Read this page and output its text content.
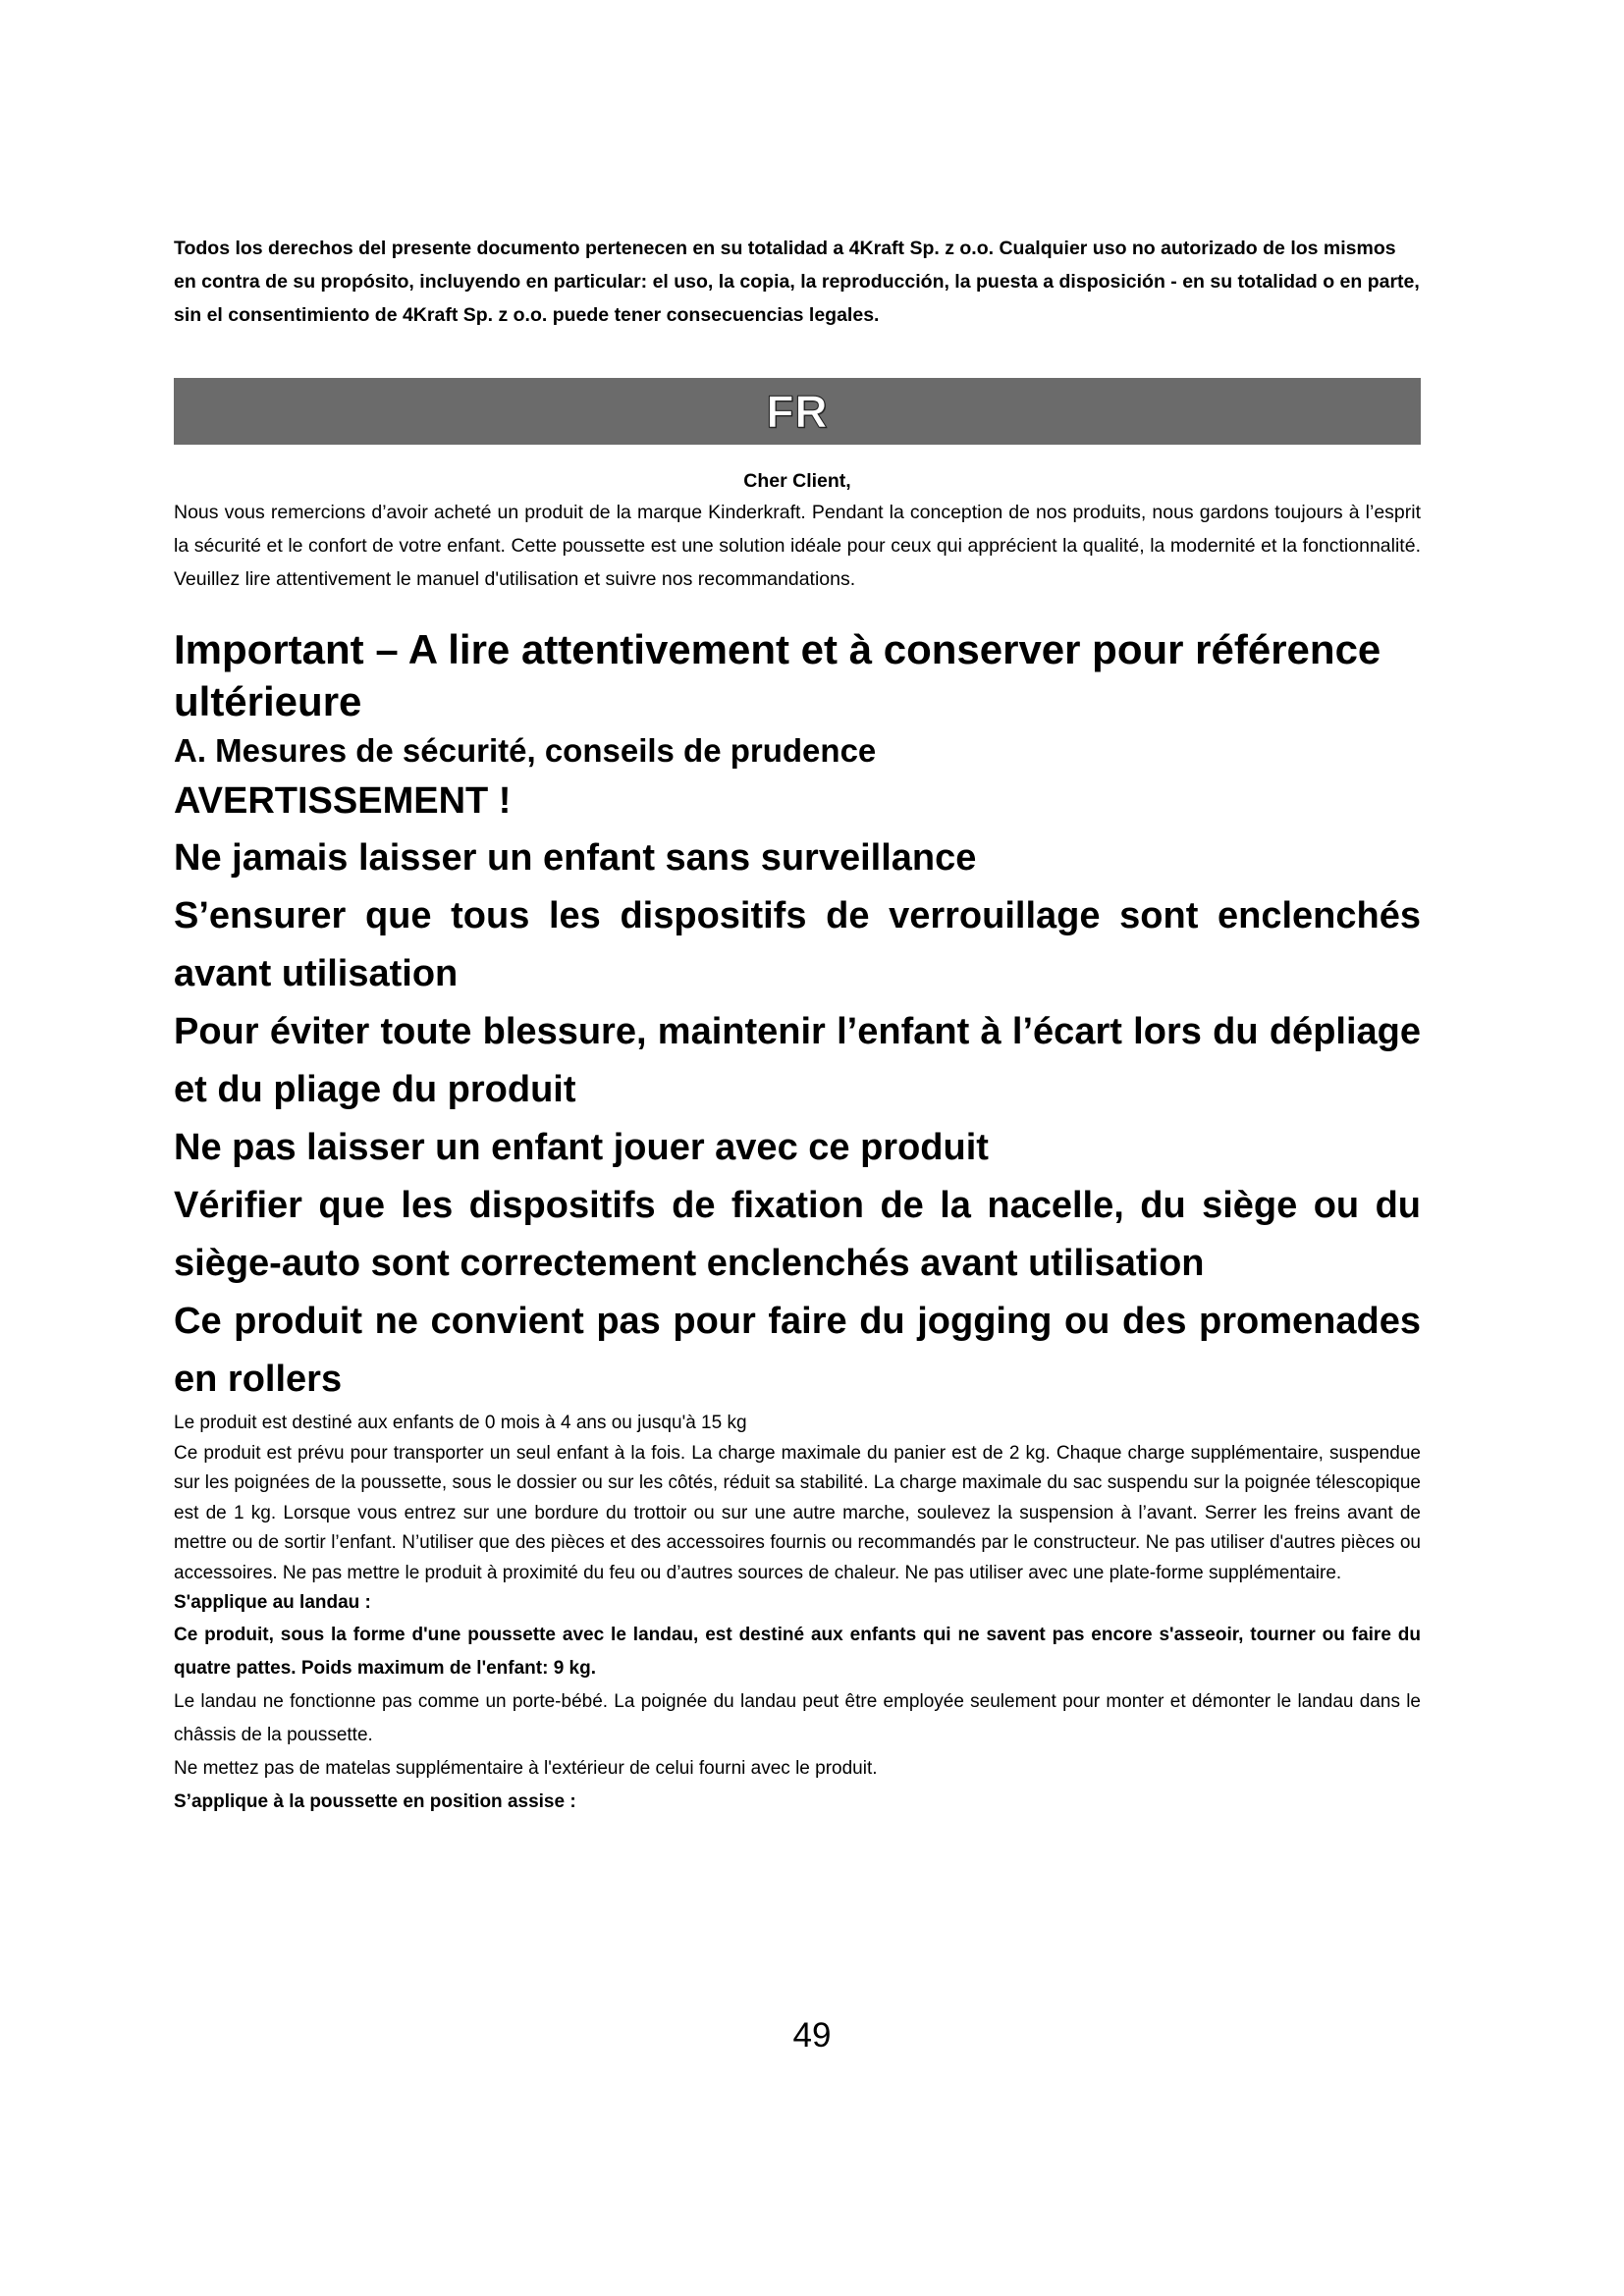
Todos los derechos del presente documento pertenecen en su totalidad a 4Kraft Sp. z o.o. Cualquier uso no autorizado de los mismos en contra de su propósito, incluyendo en particular: el uso, la copia, la reproducción, la puesta a disposición - en su totalidad o en parte, sin el consentimiento de 4Kraft Sp. z o.o. puede tener consecuencias legales.

FR

Cher Client,

Nous vous remercions d’avoir acheté un produit de la marque Kinderkraft. Pendant la conception de nos produits, nous gardons toujours à l’esprit la sécurité et le confort de votre enfant. Cette poussette est une solution idéale pour ceux qui apprécient la qualité, la modernité et la fonctionnalité. Veuillez lire attentivement le manuel d'utilisation et suivre nos recommandations.

Important – A lire attentivement et à conserver pour référence ultérieure
A. Mesures de sécurité, conseils de prudence

AVERTISSEMENT !

Ne jamais laisser un enfant sans surveillance

S’ensurer que tous les dispositifs de verrouillage sont enclenchés avant utilisation

Pour éviter toute blessure, maintenir l’enfant à l’écart lors du dépliage et du pliage du produit

Ne pas laisser un enfant jouer avec ce produit

Vérifier que les dispositifs de fixation de la nacelle, du siège ou du siège-auto sont correctement enclenchés avant utilisation

Ce produit ne convient pas pour faire du jogging ou des promenades en rollers

Le produit est destiné aux enfants de 0 mois à 4 ans ou jusqu'à 15 kg

Ce produit est prévu pour transporter un seul enfant à la fois. La charge maximale du panier est de 2 kg. Chaque charge supplémentaire, suspendue sur les poignées de la poussette, sous le dossier ou sur les côtés, réduit sa stabilité. La charge maximale du sac suspendu sur la poignée télescopique est de 1 kg. Lorsque vous entrez sur une bordure du trottoir ou sur une autre marche, soulevez la suspension à l’avant. Serrer les freins avant de mettre ou de sortir l’enfant. N’utiliser que des pièces et des accessoires fournis ou recommandés par le constructeur. Ne pas utiliser d'autres pièces ou accessoires. Ne pas mettre le produit à proximité du feu ou d’autres sources de chaleur. Ne pas utiliser avec une plate-forme supplémentaire.

S'applique au landau :

Ce produit, sous la forme d'une poussette avec le landau, est destiné aux enfants qui ne savent pas encore s'asseoir, tourner ou faire du quatre pattes. Poids maximum de l'enfant: 9 kg.

Le landau ne fonctionne pas comme un porte-bébé. La poignée du landau peut être employée seulement pour monter et démonter le landau dans le châssis de la poussette.

Ne mettez pas de matelas supplémentaire à l'extérieur de celui fourni avec le produit.

S’applique à la poussette en position assise :

49
